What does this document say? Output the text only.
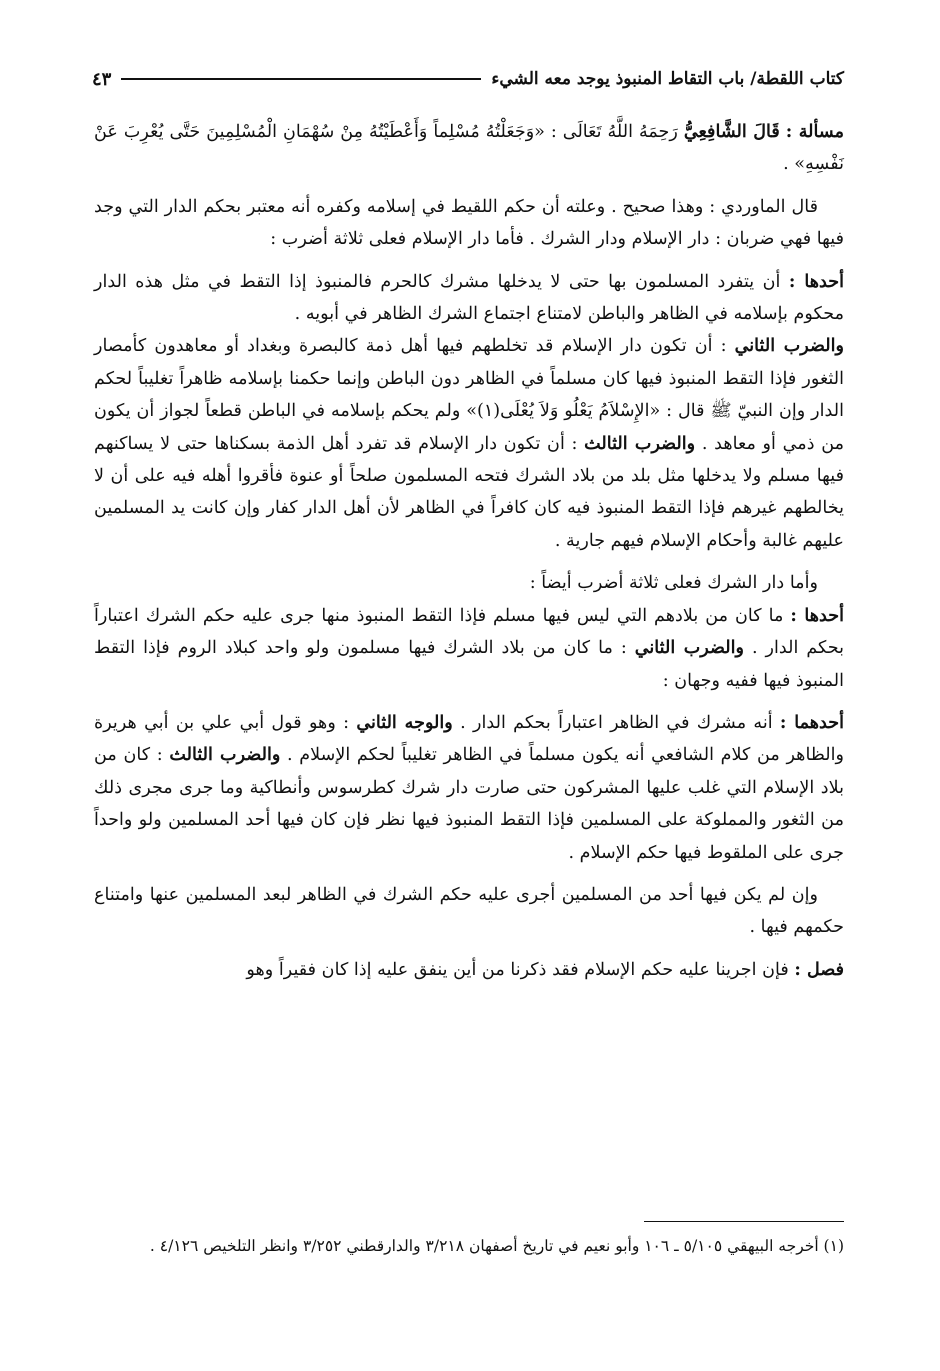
كتاب اللقطة/ باب التقاط المنبوذ يوجد معه الشيء
٤٣

مسألة : قَالَ الشَّافِعِيُّ رَحِمَهُ اللَّهُ تَعَالَى : «وَجَعَلْتُهُ مُسْلِماً وَأَعْطَيْتُهُ مِنْ سُهْمَانِ الْمُسْلِمِينَ حَتَّى يُعْرِبَ عَنْ نَفْسِهِ» .

قال الماوردي : وهذا صحيح . وعلته أن حكم اللقيط في إسلامه وكفره أنه معتبر بحكم الدار التي وجد فيها فهي ضربان : دار الإسلام ودار الشرك . فأما دار الإسلام فعلى ثلاثة أضرب :

أحدها : أن يتفرد المسلمون بها حتى لا يدخلها مشرك كالحرم فالمنبوذ إذا التقط في مثل هذه الدار محكوم بإسلامه في الظاهر والباطن لامتناع اجتماع الشرك الظاهر في أبويه .

والضرب الثاني : أن تكون دار الإسلام قد تخلطهم فيها أهل ذمة كالبصرة وبغداد أو معاهدون كأمصار الثغور فإذا التقط المنبوذ فيها كان مسلماً في الظاهر دون الباطن وإنما حكمنا بإسلامه ظاهراً تغليباً لحكم الدار وإن النبيّ ﷺ قال : «الإِسْلاَمُ يَعْلُو وَلاَ يُعْلَى(١)» ولم يحكم بإسلامه في الباطن قطعاً لجواز أن يكون من ذمي أو معاهد . والضرب الثالث : أن تكون دار الإسلام قد تفرد أهل الذمة بسكناها حتى لا يساكنهم فيها مسلم ولا يدخلها مثل بلد من بلاد الشرك فتحه المسلمون صلحاً أو عنوة فأقروا أهله فيه على أن لا يخالطهم غيرهم فإذا التقط المنبوذ فيه كان كافراً في الظاهر لأن أهل الدار كفار وإن كانت يد المسلمين عليهم غالبة وأحكام الإسلام فيهم جارية .

وأما دار الشرك فعلى ثلاثة أضرب أيضاً :

أحدها : ما كان من بلادهم التي ليس فيها مسلم فإذا التقط المنبوذ منها جرى عليه حكم الشرك اعتباراً بحكم الدار . والضرب الثاني : ما كان من بلاد الشرك فيها مسلمون ولو واحد كبلاد الروم فإذا التقط المنبوذ فيها ففيه وجهان :

أحدهما : أنه مشرك في الظاهر اعتباراً بحكم الدار . والوجه الثاني : وهو قول أبي علي بن أبي هريرة والظاهر من كلام الشافعي أنه يكون مسلماً في الظاهر تغليباً لحكم الإسلام . والضرب الثالث : كان من بلاد الإسلام التي غلب عليها المشركون حتى صارت دار شرك كطرسوس وأنطاكية وما جرى مجرى ذلك من الثغور والمملوكة على المسلمين فإذا التقط المنبوذ فيها نظر فإن كان فيها أحد المسلمين ولو واحداً جرى على الملقوط فيها حكم الإسلام .

وإن لم يكن فيها أحد من المسلمين أجرى عليه حكم الشرك في الظاهر لبعد المسلمين عنها وامتناع حكمهم فيها .

فصل : فإن اجرينا عليه حكم الإسلام فقد ذكرنا من أين ينفق عليه إذا كان فقيراً وهو

(١) أخرجه البيهقي ٥/١٠٥ ـ ١٠٦ وأبو نعيم في تاريخ أصفهان ٣/٢١٨ والدارقطني ٣/٢٥٢ وانظر التلخيص ٤/١٢٦ .
